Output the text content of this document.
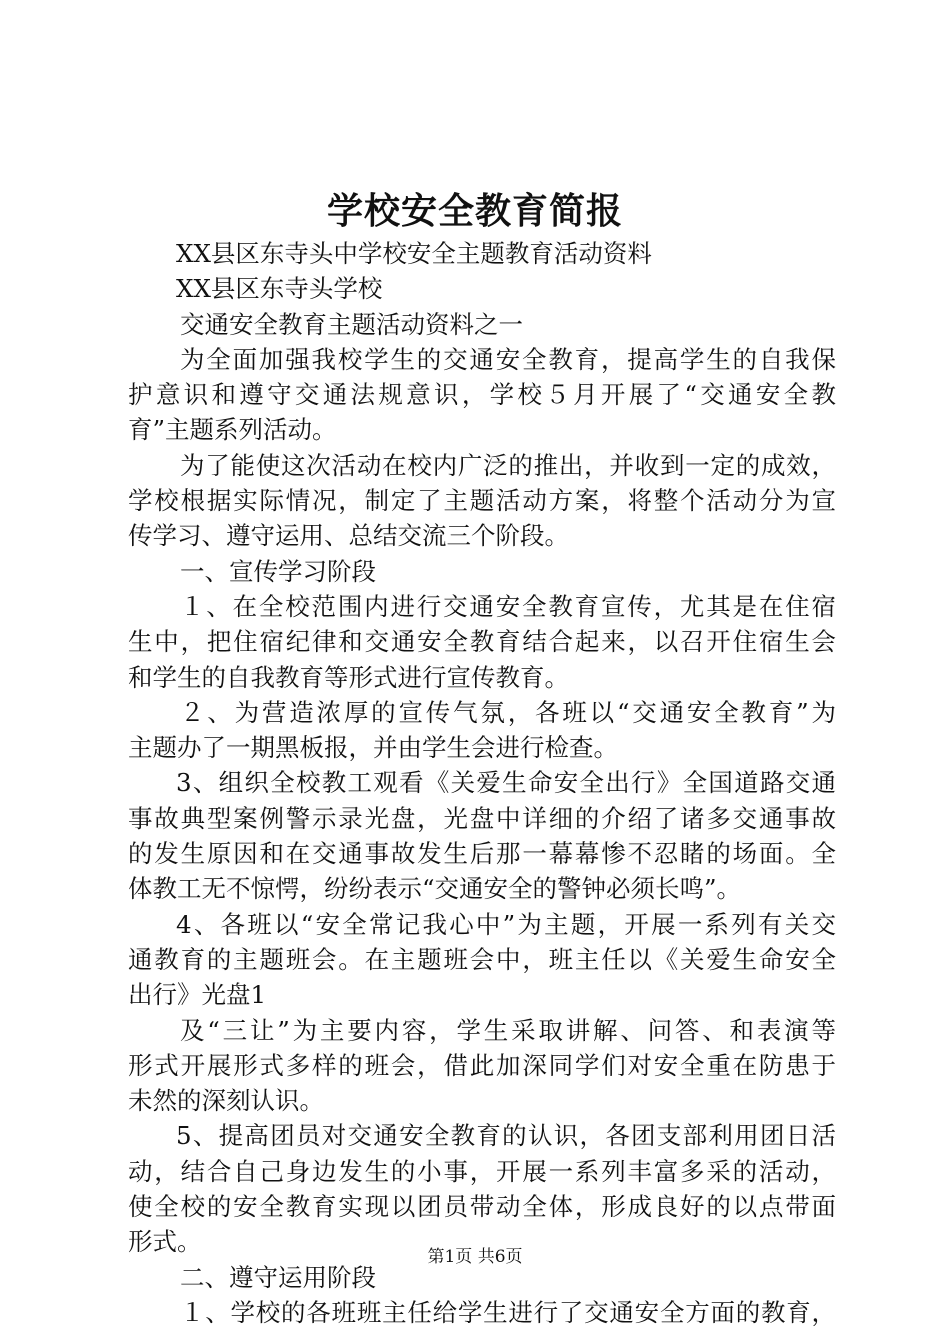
学校安全教育简报
XX县区东寺头中学校安全主题教育活动资料
XX县区东寺头学校
交通安全教育主题活动资料之一
为全面加强我校学生的交通安全教育，提高学生的自我保
护意识和遵守交通法规意识，学校５月开展了“交通安全教
育”主题系列活动。
为了能使这次活动在校内广泛的推出，并收到一定的成效，
学校根据实际情况，制定了主题活动方案，将整个活动分为宣
传学习、遵守运用、总结交流三个阶段。
一、宣传学习阶段
１、在全校范围内进行交通安全教育宣传，尤其是在住宿
生中，把住宿纪律和交通安全教育结合起来，以召开住宿生会
和学生的自我教育等形式进行宣传教育。
２、为营造浓厚的宣传气氛，各班以“交通安全教育”为
主题办了一期黑板报，并由学生会进行检查。
3、组织全校教工观看《关爱生命安全出行》全国道路交通
事故典型案例警示录光盘，光盘中详细的介绍了诸多交通事故
的发生原因和在交通事故发生后那一幕幕惨不忍睹的场面。全
体教工无不惊愕，纷纷表示“交通安全的警钟必须长鸣”。
4、各班以“安全常记我心中”为主题，开展一系列有关交
通教育的主题班会。在主题班会中，班主任以《关爱生命安全
出行》光盘1
及“三让”为主要内容，学生采取讲解、问答、和表演等
形式开展形式多样的班会，借此加深同学们对安全重在防患于
未然的深刻认识。
5、提高团员对交通安全教育的认识，各团支部利用团日活
动，结合自己身边发生的小事，开展一系列丰富多采的活动，
使全校的安全教育实现以团员带动全体，形成良好的以点带面
形式。
二、遵守运用阶段
１、学校的各班班主任给学生进行了交通安全方面的教育，
第1页 共6页
